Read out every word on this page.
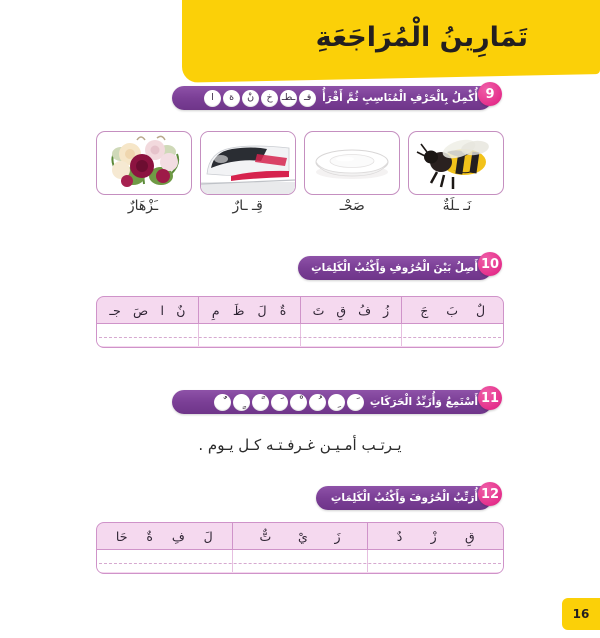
تَمَارِينُ الْمُرَاجَعَةِ
أُكْمِلُ بِالْحَرْفِ الْمُنَاسِبِ ثُمَّ أَقْرَأُ
فـ
ـطـ
خ
نْ
ة
ا	9
نَـ ـلَةٌ
صَحْـ
قِـ ـارٌ
ـَزْهَارٌ
أَصِلُ بَيْنَ الْحُرُوفِ وَأَكْتُبُ الْكَلِمَاتِ 10
جَ بَ لٌ
تَ قِ فُ زُ
مِ ظَ لَ ةٌ
جـ صَ ا نٌ
أَسْتَمِعُ وَأُزَيِّدُ الْحَرَكَاتِ 11
يـرتـب أمـيـن غـرفـتـه كـل يـوم .
أُرَتِّبُ الْحُرُوفَ وَأَكْتُبُ الْكَلِمَاتِ 12
دٌ زْ قِ
تٌّ يْ زَ
حَا ةٌ فِ لَ
16
